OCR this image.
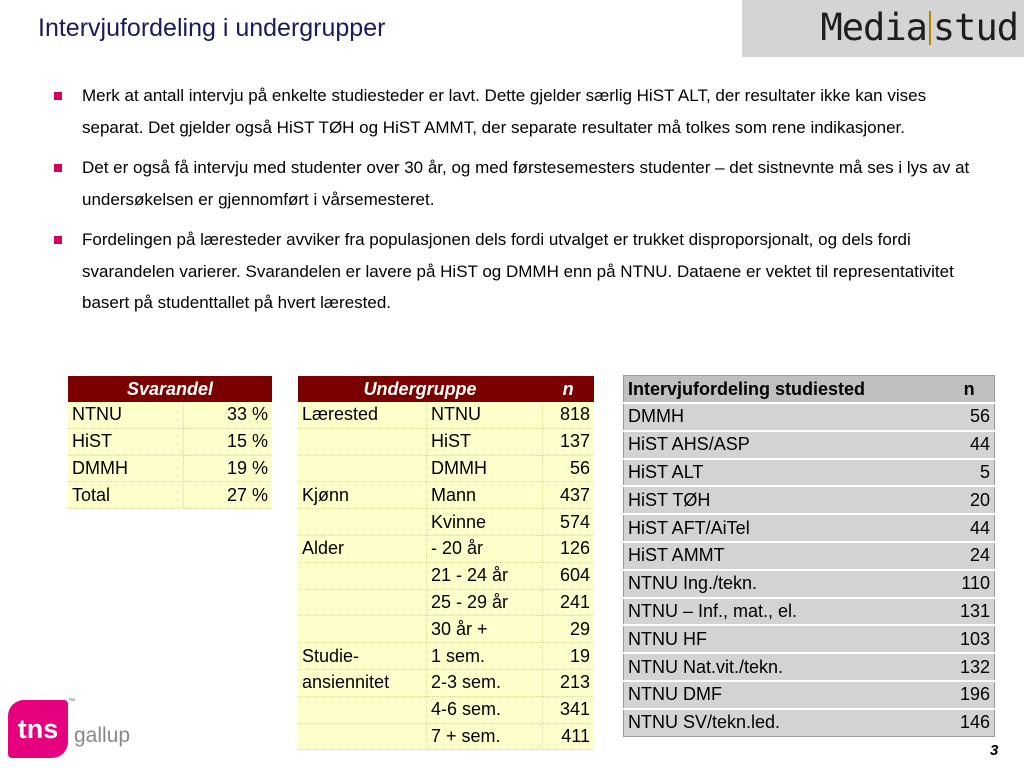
Intervjufordeling i undergrupper	Media stud
Merk at antall intervju på enkelte studiesteder er lavt. Dette gjelder særlig HiST ALT, der resultater ikke kan vises separat. Det gjelder også HiST TØH og HiST AMMT, der separate resultater må tolkes som rene indikasjoner.
Det er også få intervju med studenter over 30 år, og med førstesemesters studenter – det sistnevnte må ses i lys av at undersøkelsen er gjennomført i vårsemesteret.
Fordelingen på læresteder avviker fra populasjonen dels fordi utvalget er trukket disproporsjonalt, og dels fordi svarandelen varierer. Svarandelen er lavere på HiST og DMMH enn på NTNU. Dataene er vektet til representativitet basert på studenttallet på hvert lærested.
Svarandel	
NTNU	33 %
HiST	15 %
DMMH	19 %
Total	27 %
Undergruppe		n
Lærested	NTNU	818
	HiST	137
	DMMH	56
Kjønn	Mann	437
	Kvinne	574
Alder	- 20 år	126
	21 - 24 år	604
	25 - 29 år	241
	30 år +	29
Studie-	1 sem.	19
ansiennitet	2-3 sem.	213
	4-6 sem.	341
	7 + sem.	411
Intervjufordeling studiested	n
DMMH	56
HiST AHS/ASP	44
HiST ALT	5
HiST TØH	20
HiST AFT/AiTel	44
HiST AMMT	24
NTNU Ing./tekn.	110
NTNU – Inf., mat., el.	131
NTNU HF	103
NTNU Nat.vit./tekn.	132
NTNU DMF	196
NTNU SV/tekn.led.	146
tns
™
gallup
3
